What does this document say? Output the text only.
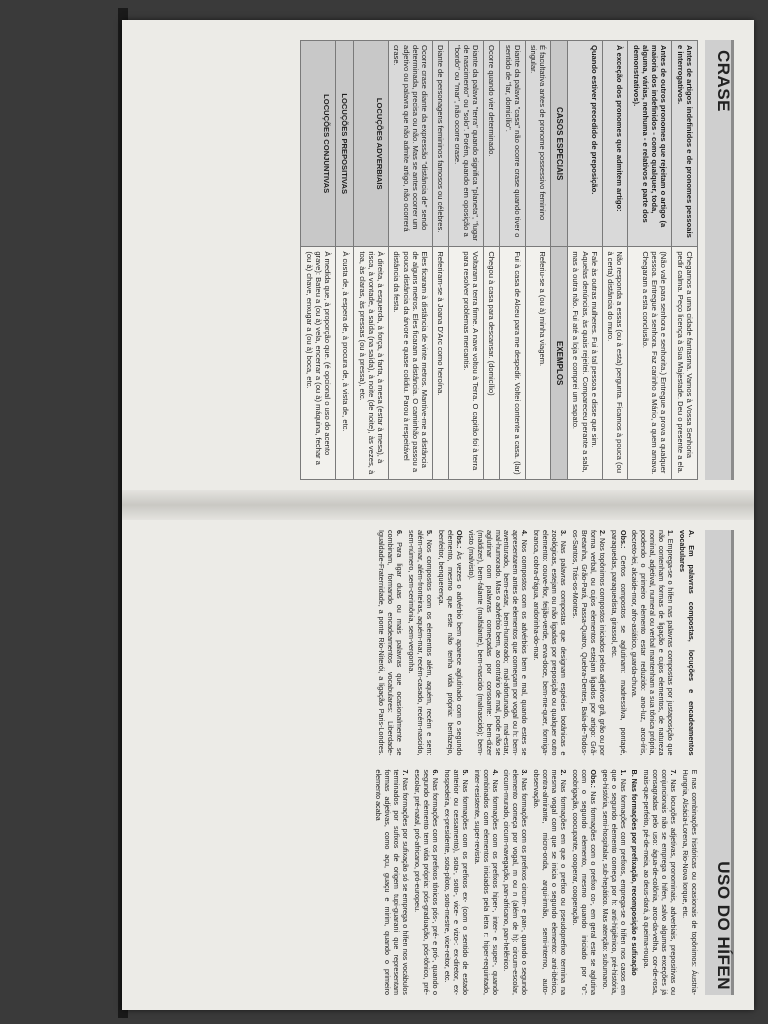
CRASE
Antes de artigos indefinidos e de pronomes pessoais e interrogativos.	Chegamos a uma cidade fantasma. Vamos à Vossa Senhoria pedir calma. Peço licença à Sua Majestade. Deu o presente a ela.
Antes de outros pronomes que rejeitam o artigo (a maioria dos indefinidos - como qualquer, toda, alguma, várias, nenhuma - e relativos e parte dos demonstrativos).	(Não vale para senhora e senhorita.) Entregue a prova a qualquer pessoa. Entregue à senhora. Faz carinho a Mário, a quem amava. Chegaram a esta conclusão.
À exceção dos pronomes que admitem artigo:	Não responda a essas (ou à esta) pergunta. Ficamos à pouca (ou à certa) distância do muro.
Quando estiver precedido de preposição.	Fale às outras mulheres. Fui à tal pessoa e disse que sim. Aquelas denúncias, às quais rejeitei. Compareceu perante a sala, mas à outra não. Fui até a loja e comprei um sapato.
CASOS ESPECIAIS	EXEMPLOS
É facultativa antes de pronome possessivo feminino singular.	Referiu-se a (ou à) minha viagem.
Diante da palavra "casa" não ocorre crase quando tiver o sentido de "lar, domicílio".	Fui à casa de Alceu para me despedir. Voltei contente a casa. (lar)
Ocorre quando vier determinado.	Chegou à casa para descansar. (domicílio)
Diante da palavra "terra" quando significa "planeta", "lugar de nascimento" ou "solo". Porém, quando em oposição a "bordo" ou "mar", não ocorre crase.	Voltaram a terra firme. A nave voltou à Terra. O capitão foi à terra para resolver problemas mercantis.
Diante de personagens femininos famosos ou célebres.	Referiram-se à Joana D'Arc como heroína.
Ocorre crase diante da expressão "distância de" sendo determinada, precisa ou não. Mas se antes ocorrer um adjetivo ou palavra que não admite artigo, não ocorrerá crase.	Eles ficaram à distância de vinte metros. Mantive-me a distância de alguns metros. Eles ficaram a distância. O caminhão passou a pouca distância da árvore e quase colidiu. Parou à respeitável distância da festa.
LOCUÇÕES ADVERBIAIS	À direita, à esquerda, à força, à farta, à mesa (estar à mesa), à risca, à vontade, à saída (na saída), à noite (de noite), às vezes, à toa, às claras, às pressas (ou à pressa), etc.
LOCUÇÕES PREPOSITIVAS	À custa de, à espera de, à procura de, à vista de, etc.
LOCUÇÕES CONJUNTIVAS	À medida que, à proporção que. (é opcional o uso do acento grave): Bateu a (ou à) vela, encerrar a (ou à) máquina, fechar a (ou à) chave, enxugar a (ou à) boca, etc.
USO DO HÍFEN

A. Em palavras compostas, locuções e encadeamentos vocabulares

1. Emprega-se o hífen nas palavras compostas por justaposição que não contenham formas de ligação e cujos elementos, de natureza nominal, adjetival, numeral ou verbal mantenham a sua tônica própria, podendo o primeiro elemento estar reduzido: ano-luz, arco-íris, decreto-lei, alcaide-mor, afro-asiático, guarda-chuva.

Obs.: Certos compostos se aglutinam: madressilva, pontapé, paraquedas, paraquedista, girassol, etc.

2. Nos topônimos compostos iniciados pelos adjetivos grã, grão ou por forma verbal, ou cujos elementos estejam ligados por artigo: Grã-Bretanha, Grão-Pará, Passa-Quatro, Quebra-Dentes, Baía-de-Todos-os-Santos, Trás-os-Montes.

3. Nas palavras compostas que designam espécies botânicas e zoológicas, estejam ou não ligadas por preposição ou qualquer outro elemento: couve-flor, feijão-verde, erva-doce, bem-me-quer, formiga-branca, cobra-d'água, andorinha-do-mar.

4. Nos compostos com os advérbios bem e mal, quando estes se apresentarem antes de elementos que começam por vogal ou h: bem-aventurado, bem-estar, bem-humorado; mal-afortunado, mal-estar, mal-humorado. Mas o advérbio bem, ao contrário de mal, pode não se aglutinar com palavras começadas por consoante: bem-dizer (maldizer), bem-falante (malfalante), bem-nascido (malnascido); bem-visto (malvisto).

Obs.: Às vezes o advérbio bem aparece aglutinado com o segundo elemento, mesmo que este não tenha vida própria: benfazejo, benfeitor, benquerença.

5. Nos compostos com os elementos além, aquém, recém e sem: além-mar, além-fronteiras, aquém-mar, recém-casado, recém-nascido, sem-número, sem-cerimônia, sem-vergonha.

6. Para ligar duas ou mais palavras que ocasionalmente se combinam, formando encadeamentos vocabulares: Liberdade-Igualdade-Fraternidade, a ponte Rio-Niterói, a ligação Paris-Londres. E nas combinações históricas ou ocasionais de topônimos: Áustria-Hungria, Alsácia-Lorena, Rio-Nova Iorque, etc.

7. Nas locuções adjetivas, pronominais, adverbiais, prepositivas ou conjuncionais não se emprega o hífen, salvo algumas exceções já consagradas pelo uso: água-de-colônia, arco-da-velha, cor-de-rosa, mais-que-perfeito, pé-de-meia, ao deus-dará, à queima-roupa.

B. Nas formações por prefixação, recomposição e sufixação

1. Nas formações com prefixos, emprega-se o hífen nos casos em que o segundo elemento começa por h: anti-higiênico, pré-história, geo-história, semi-hospitalar, sub-hepático. Mas atenção: subumano.

Obs.: Nas formações com o prefixo co-, em geral este se aglutina com o segundo elemento, mesmo quando iniciado por "o": coobrigação, coocupante, cooperar, cooperação.

2. Nas formações em que o prefixo ou pseudoprefixo termina na mesma vogal com que se inicia o segundo elemento: anti-ibérico, contra-almirante, micro-onda, arqui-irmão, semi-interno, auto-observação.

3. Nas formações com os prefixos circum- e pan-, quando o segundo elemento começa por vogal, m ou n (além de h): circum-escolar, circum-murado, circum-navegação, pan-africano, pan-helênico.

4. Nas formações com os prefixos hiper-, inter- e super-, quando combinados com elementos iniciados pela letra r: hiper-requintado, inter-resistente, super-revista.

5. Nas formações com os prefixos ex- (com o sentido de estado anterior ou cessamento), sota-, soto-, vice- e vizo-: ex-diretor, ex-hospedeira, ex-presidente, sota-piloto, soto-mestre, vice-reitor, etc.

6. Nas formações com os prefixos tônicos pós-, pré- e pró-, quando o segundo elemento tem vida própria: pós-graduação, pós-tônico, pré-escolar, pré-natal, pró-africano, pró-europeu.

7. Nas formações por sufixação só se emprega o hífen nos vocábulos terminados por sufixos de origem tupi-guarani que representam formas adjetivas, como açu, guaçu e mirim, quando o primeiro elemento acaba
